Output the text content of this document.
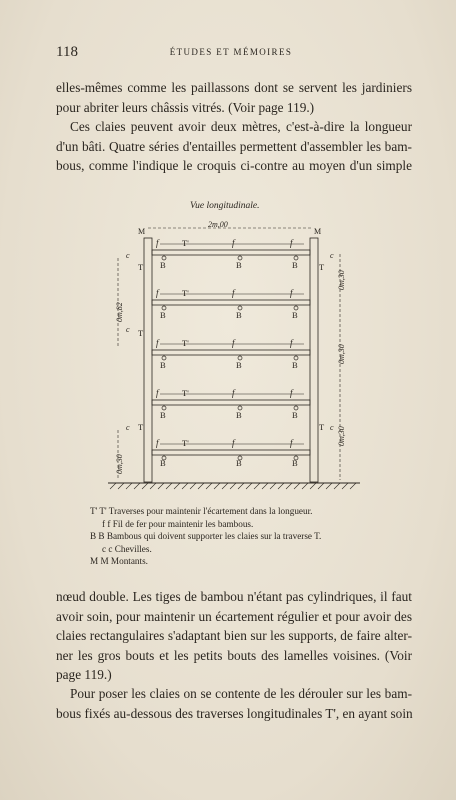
118	ÉTUDES ET MÉMOIRES
elles-mêmes comme les paillassons dont se servent les jardiniers
pour abriter leurs châssis vitrés. (Voir page 119.)
Ces claies peuvent avoir deux mètres, c'est-à-dire la longueur
d'un bâti. Quatre séries d'entailles permettent d'assembler les bam-
bous, comme l'indique le croquis ci-contre au moyen d'un simple
Vue longitudinale.
2m,00
M	M
f	f	f
f	f	f
f	f	f
f	f	f
f	f	f
T'
T'
T'
T'
T'
T
T
T
T
T
B	B	B
B	B	B
B	B	B
B	B	B
B	B	B
c
c
c
c
c
0m,82
0m,30
0m,30
0m,30
0m,30
T' T' Traverses pour maintenir l'écartement dans la longueur.
f f Fil de fer pour maintenir les bambous.
B B Bambous qui doivent supporter les claies sur la traverse T.
c c Chevilles.
M M Montants.
nœud double. Les tiges de bambou n'étant pas cylindriques, il faut
avoir soin, pour maintenir un écartement régulier et pour avoir des
claies rectangulaires s'adaptant bien sur les supports, de faire alter-
ner les gros bouts et les petits bouts des lamelles voisines. (Voir
page 119.)
Pour poser les claies on se contente de les dérouler sur les bam-
bous fixés au-dessous des traverses longitudinales T', en ayant soin
